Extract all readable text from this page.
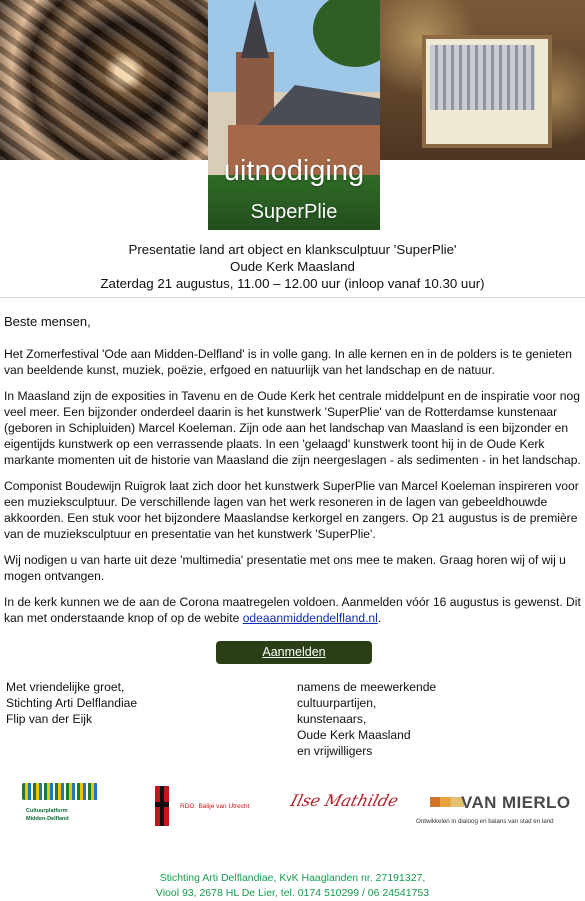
uitnodiging
SuperPlie
Presentatie land art object en klanksculptuur 'SuperPlie'
Oude Kerk Maasland
Zaterdag 21 augustus, 11.00 – 12.00 uur (inloop vanaf 10.30 uur)

Beste mensen,

Het Zomerfestival 'Ode aan Midden-Delfland' is in volle gang. In alle kernen en in de polders is te genieten van beeldende kunst, muziek, poëzie, erfgoed en natuurlijk van het landschap en de natuur.

In Maasland zijn de exposities in Tavenu en de Oude Kerk het centrale middelpunt en de inspiratie voor nog veel meer. Een bijzonder onderdeel daarin is het kunstwerk 'SuperPlie' van de Rotterdamse kunstenaar (geboren in Schipluiden) Marcel Koeleman. Zijn ode aan het landschap van Maasland is een bijzonder en eigentijds kunstwerk op een verrassende plaats. In een 'gelaagd' kunstwerk toont hij in de Oude Kerk markante momenten uit de historie van Maasland die zijn neergeslagen - als sedimenten - in het landschap.

Componist Boudewijn Ruigrok laat zich door het kunstwerk SuperPlie van Marcel Koeleman inspireren voor een muzieksculptuur. De verschillende lagen van het werk resoneren in de lagen van gebeeldhouwde akkoorden. Een stuk voor het bijzondere Maaslandse kerkorgel en zangers. Op 21 augustus is de première van de muzieksculptuur en presentatie van het kunstwerk 'SuperPlie'.

Wij nodigen u van harte uit deze 'multimedia' presentatie met ons mee te maken. Graag horen wij of wij u mogen ontvangen.

In de kerk kunnen we de aan de Corona maatregelen voldoen. Aanmelden vóór 16 augustus is gewenst. Dit kan met onderstaande knop of op de webite odeaanmiddendelfland.nl.

Aanmelden
Met vriendelijke groet,
Stichting Arti Delflandiae
Flip van der Eijk
namens de meewerkende
cultuurpartijen,
kunstenaars,
Oude Kerk Maasland
en vrijwilligers
Cultuurplatform
Midden-Delfland
RDO Balije van Utrecht Ilse Mathilde	VAN MIERLO
Ontwikkelen in dialoog en balans van stad en land
Stichting Arti Delflandiae, KvK Haaglanden nr. 27191327,
Viool 93, 2678 HL De Lier, tel. 0174 510299 / 06 24541753
